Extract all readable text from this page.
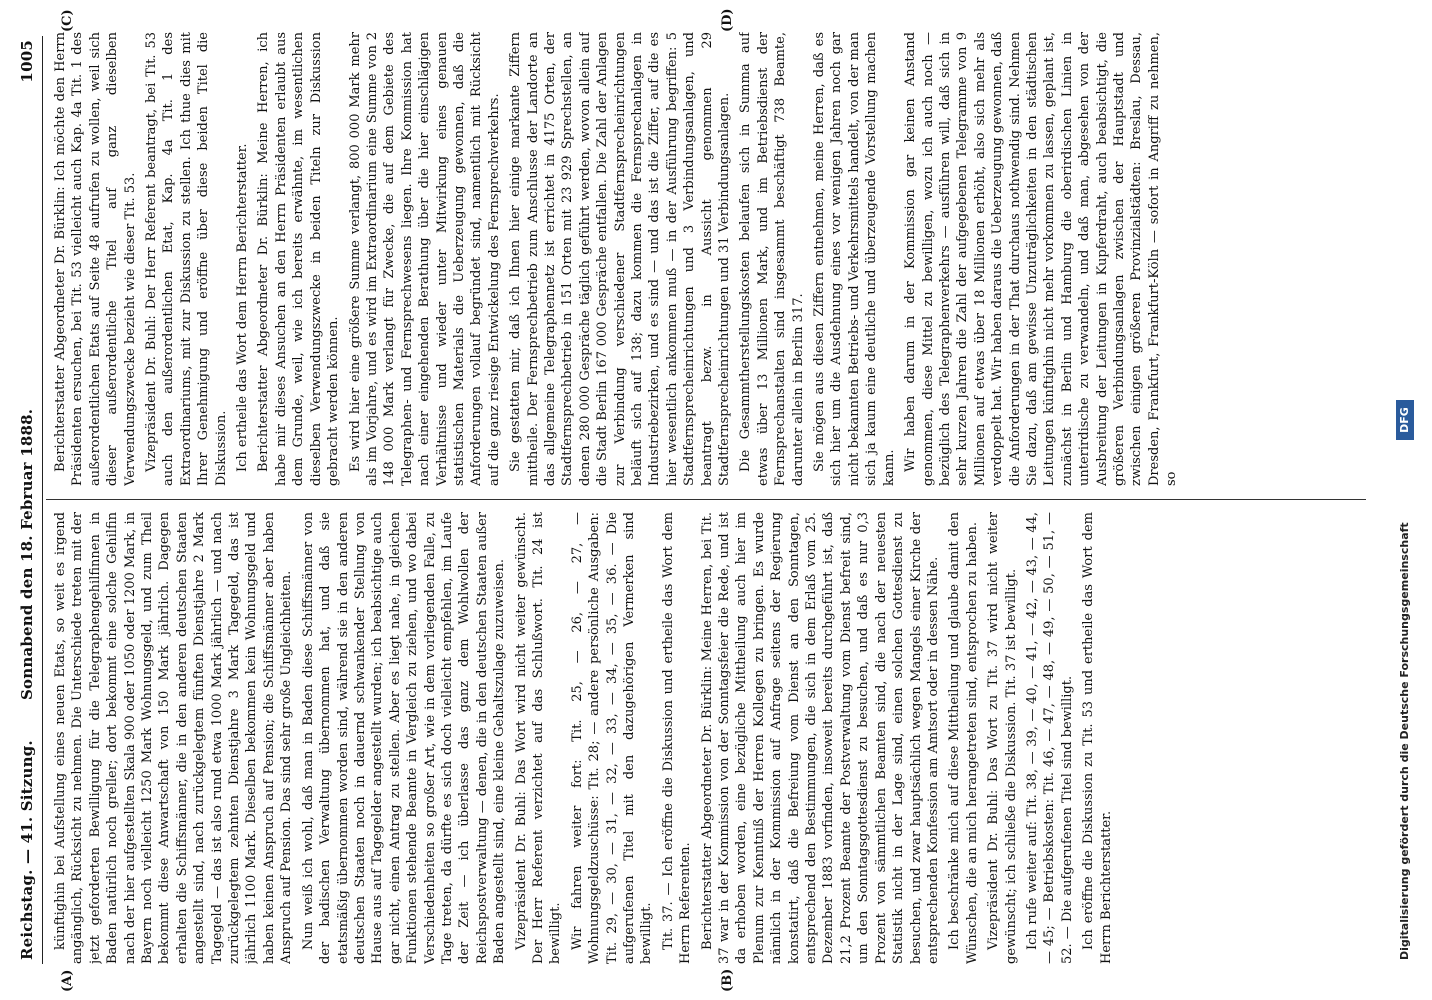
Reichstag. — 41. Sitzung.
Sonnabend den 18. Februar 1888.
1005
(A)	(B)
(C)	(D)

künftighin bei Aufstellung eines neuen Etats, so weit es irgend angänglich, Rücksicht zu nehmen. Die Unterschiede treten mit der jetzt geforderten Bewilligung für die Telegraphengehilfinnen in Baden natürlich noch greller; dort bekommt eine solche Gehilfin nach der hier aufgestellten Skala 900 oder 1050 oder 1200 Mark, in Bayern noch vielleicht 1250 Mark Wohnungsgeld, und zum Theil bekommt diese Anwartschaft von 150 Mark jährlich. Dagegen erhalten die Schiffsmänner, die in den anderen deutschen Staaten angestellt sind, nach zurückgelegtem fünften Dienstjahre 2 Mark Tagegeld — das ist also rund etwa 1000 Mark jährlich — und nach zurückgelegtem zehnten Dienstjahre 3 Mark Tagegeld, das ist jährlich 1100 Mark. Dieselben bekommen kein Wohnungsgeld und haben keinen Anspruch auf Pension; die Schiffsmänner aber haben Anspruch auf Pension. Das sind sehr große Ungleichheiten. Nun weiß ich wohl, daß man in Baden diese Schiffsmänner von der badischen Verwaltung übernommen hat, und daß sie etatsmäßig übernommen worden sind, während sie in den anderen deutschen Staaten noch in dauernd schwankender Stellung von Hause aus auf Tagegelder angestellt wurden; ich beabsichtige auch gar nicht, einen Antrag zu stellen. Aber es liegt nahe, in gleichen Funktionen stehende Beamte in Vergleich zu ziehen, und wo dabei Verschiedenheiten so großer Art, wie in dem vorliegenden Falle, zu Tage treten, da dürfte es sich doch vielleicht empfehlen, im Laufe der Zeit — ich überlasse das ganz dem Wohlwollen der Reichspostverwaltung — denen, die in den deutschen Staaten außer Baden angestellt sind, eine kleine Gehaltszulage zuzuweisen. Vizepräsident Dr. Buhl: Das Wort wird nicht weiter gewünscht. Der Herr Referent verzichtet auf das Schlußwort. Tit. 24 ist bewilligt. Wir fahren weiter fort: Tit. 25, — 26, — 27, — Wohnungsgeldzuschüsse: Tit. 28; — andere persönliche Ausgaben: Tit. 29, — 30, — 31, — 32, — 33, — 34, — 35, — 36. — Die aufgerufenen Titel mit den dazugehörigen Vermerken sind bewilligt. Tit. 37. — Ich eröffne die Diskussion und ertheile das Wort dem Herrn Referenten. Berichterstatter Abgeordneter Dr. Bürklin: Meine Herren, bei Tit. 37 war in der Kommission von der Sonntagsfeier die Rede, und ist da erhoben worden, eine bezügliche Mittheilung auch hier im Plenum zur Kenntniß der Herren Kollegen zu bringen. Es wurde nämlich in der Kommission auf Anfrage seitens der Regierung konstatirt, daß die Befreiung vom Dienst an den Sonntagen, entsprechend den Bestimmungen, die sich in dem Erlaß vom 25. Dezember 1883 vorfinden, insoweit bereits durchgeführt ist, daß 21,2 Prozent Beamte der Postverwaltung vom Dienst befreit sind, um den Sonntagsgottesdienst zu besuchen, und daß es nur 0,3 Prozent von sämmtlichen Beamten sind, die nach der neuesten Statistik nicht in der Lage sind, einen solchen Gottesdienst zu besuchen, und zwar hauptsächlich wegen Mangels einer Kirche der entsprechenden Konfession am Amtsort oder in dessen Nähe. Ich beschränke mich auf diese Mittheilung und glaube damit den Wünschen, die an mich herangetreten sind, entsprochen zu haben. Vizepräsident Dr. Buhl: Das Wort zu Tit. 37 wird nicht weiter gewünscht; ich schließe die Diskussion. Tit. 37 ist bewilligt. Ich rufe weiter auf: Tit. 38, — 39, — 40, — 41, — 42, — 43, — 44, — 45; — Betriebskosten: Tit. 46, — 47, — 48, — 49, — 50, — 51, — 52. — Die aufgerufenen Titel sind bewilligt. Ich eröffne die Diskussion zu Tit. 53 und ertheile das Wort dem Herrn Berichterstatter.

Berichterstatter Abgeordneter Dr. Bürklin: Ich möchte den Herrn Präsidenten ersuchen, bei Tit. 53 vielleicht auch Kap. 4a Tit. 1 des außerordentlichen Etats auf Seite 48 aufrufen zu wollen, weil sich dieser außerordentliche Titel auf ganz dieselben Verwendungszwecke bezieht wie dieser Tit. 53. Vizepräsident Dr. Buhl: Der Herr Referent beantragt, bei Tit. 53 auch den außerordentlichen Etat, Kap. 4a Tit. 1 des Extraordinariums, mit zur Diskussion zu stellen. Ich thue dies mit Ihrer Genehmigung und eröffne über diese beiden Titel die Diskussion. Ich ertheile das Wort dem Herrn Berichterstatter. Berichterstatter Abgeordneter Dr. Bürklin: Meine Herren, ich habe mir dieses Ansuchen an den Herrn Präsidenten erlaubt aus dem Grunde, weil, wie ich bereits erwähnte, im wesentlichen dieselben Verwendungszwecke in beiden Titeln zur Diskussion gebracht werden können. Es wird hier eine größere Summe verlangt, 800 000 Mark mehr als im Vorjahre, und es wird im Extraordinarium eine Summe von 2 148 000 Mark verlangt für Zwecke, die auf dem Gebiete des Telegraphen- und Fernsprechwesens liegen. Ihre Kommission hat nach einer eingehenden Berathung über die hier einschlägigen Verhältnisse und wieder unter Mitwirkung eines genauen statistischen Materials die Ueberzeugung gewonnen, daß die Anforderungen vollauf begründet sind, namentlich mit Rücksicht auf die ganz riesige Entwickelung des Fernsprechverkehrs. Sie gestatten mir, daß ich Ihnen hier einige markante Ziffern mittheile. Der Fernsprechbetrieb zum Anschlusse der Landorte an das allgemeine Telegraphennetz ist errichtet in 4175 Orten, der Stadtfernsprechbetrieb in 151 Orten mit 23 929 Sprechstellen, an denen 280 000 Gespräche täglich geführt werden, wovon allein auf die Stadt Berlin 167 000 Gespräche entfallen. Die Zahl der Anlagen zur Verbindung verschiedener Stadtfernsprecheinrichtungen beläuft sich auf 138; dazu kommen die Fernsprechanlagen in Industriebezirken, und es sind — und das ist die Ziffer, auf die es hier wesentlich ankommen muß — in der Ausführung begriffen: 5 Stadtfernsprecheinrichtungen und 3 Verbindungsanlagen, und beantragt bezw. in Aussicht genommen 29 Stadtfernsprecheinrichtungen und 31 Verbindungsanlagen. Die Gesammtherstellungskosten belaufen sich in Summa auf etwas über 13 Millionen Mark, und im Betriebsdienst der Fernsprechanstalten sind insgesammt beschäftigt 738 Beamte, darunter allein in Berlin 317. Sie mögen aus diesen Ziffern entnehmen, meine Herren, daß es sich hier um die Ausdehnung eines vor wenigen Jahren noch gar nicht bekannten Betriebs- und Verkehrsmittels handelt, von der man sich ja kaum eine deutliche und überzeugende Vorstellung machen kann. Wir haben darum in der Kommission gar keinen Anstand genommen, diese Mittel zu bewilligen, wozu ich auch noch — bezüglich des Telegraphenverkehrs — ausführen will, daß sich in sehr kurzen Jahren die Zahl der aufgegebenen Telegramme von 9 Millionen auf etwas über 18 Millionen erhöht, also sich mehr als verdoppelt hat. Wir haben daraus die Ueberzeugung gewonnen, daß die Anforderungen in der That durchaus nothwendig sind. Nehmen Sie dazu, daß am gewisse Unzuträglichkeiten in den städtischen Leitungen künftighin nicht mehr vorkommen zu lassen, geplant ist, zunächst in Berlin und Hamburg die oberirdischen Linien in unterirdische zu verwandeln, und daß man, abgesehen von der Ausbreitung der Leitungen in Kupferdraht, auch beabsichtigt, die größeren Verbindungsanlagen zwischen der Hauptstadt und zwischen einigen größeren Provinzialstädten: Breslau, Dessau, Dresden, Frankfurt, Frankfurt-Köln — sofort in Angriff zu nehmen, so

Digitalisierung gefördert durch die Deutsche Forschungsgemeinschaft
DFG
